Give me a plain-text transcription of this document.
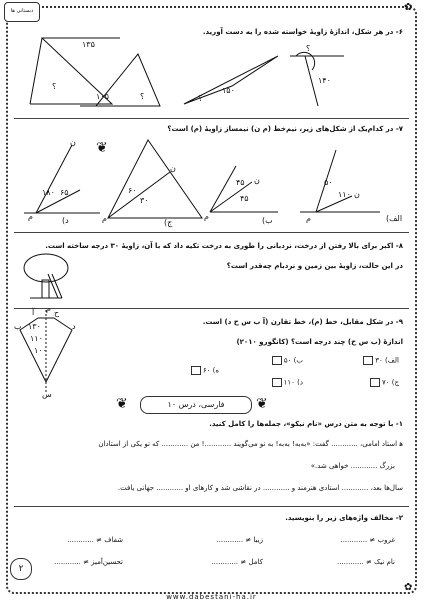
دبستانی ها	✿
✿
۶- در هر شکل، اندازهٔ زاویهٔ خواسته شده را به دست آورید.
۱۳۵
؟
۱۰۵	؟
۱۵۰
؟
؟
۱۴۰
۷- در کدام‌یک از شکل‌های زیر، نیم‌خط (م ن) نیمساز زاویهٔ (م) است؟
ن
۱۸۰ ۶۵
م
ن
۶۰
۳۰
م
ن
۴۵
۴۵
م
ن
۵۰
۱۱۰
م
د)	ج)	ب)	الف)
❦
۸- اکبر برای بالا رفتن از درخت، نردبانی را طوری به درخت تکیه داد که با آن، زاویهٔ ۳۰ درجه ساخته است.
در این حالت، زاویهٔ بین زمین و نردبام چه‌قدر است؟
۹- در شکل مقابل، خط (م)، خط تقارن (آ ب س ح د) است.
اندازهٔ (ب س ح) چند درجه است؟ (کانگورو ۲۰۱۰)
ب
آ
د
ح
۱۳۰
۱۱۰
۱۰۰
م
س
الف) ۳۰
ب) ۵۰
ج) ۷۰
د) ۱۱۰
ه) ۶۰
❦	فارسی، درس ۱۰	❦
۱- با توجه به متن درس «نام نیکو»، جمله‌ها را کامل کنید.
ﻫ استاد امامی، ............ گفت: «به‌به! به‌به! به تو می‌گویند ............! من ............ که تو یکی از استادان
بزرگ ............ خواهی شد.»
سال‌ها بعد، ............ استادی هنرمند و ............ در نقاشی شد و کارهای او ............ جهانی یافت.
۲- مخالف واژه‌های زیر را بنویسید.
غروب ≠ ............
زیبا ≠ ............
شفاف ≠ ............
نام نیک ≠ ............
کامل ≠ ............
تحسین‌آمیز ≠ ............
۲
www.dabestani-ha.ir
